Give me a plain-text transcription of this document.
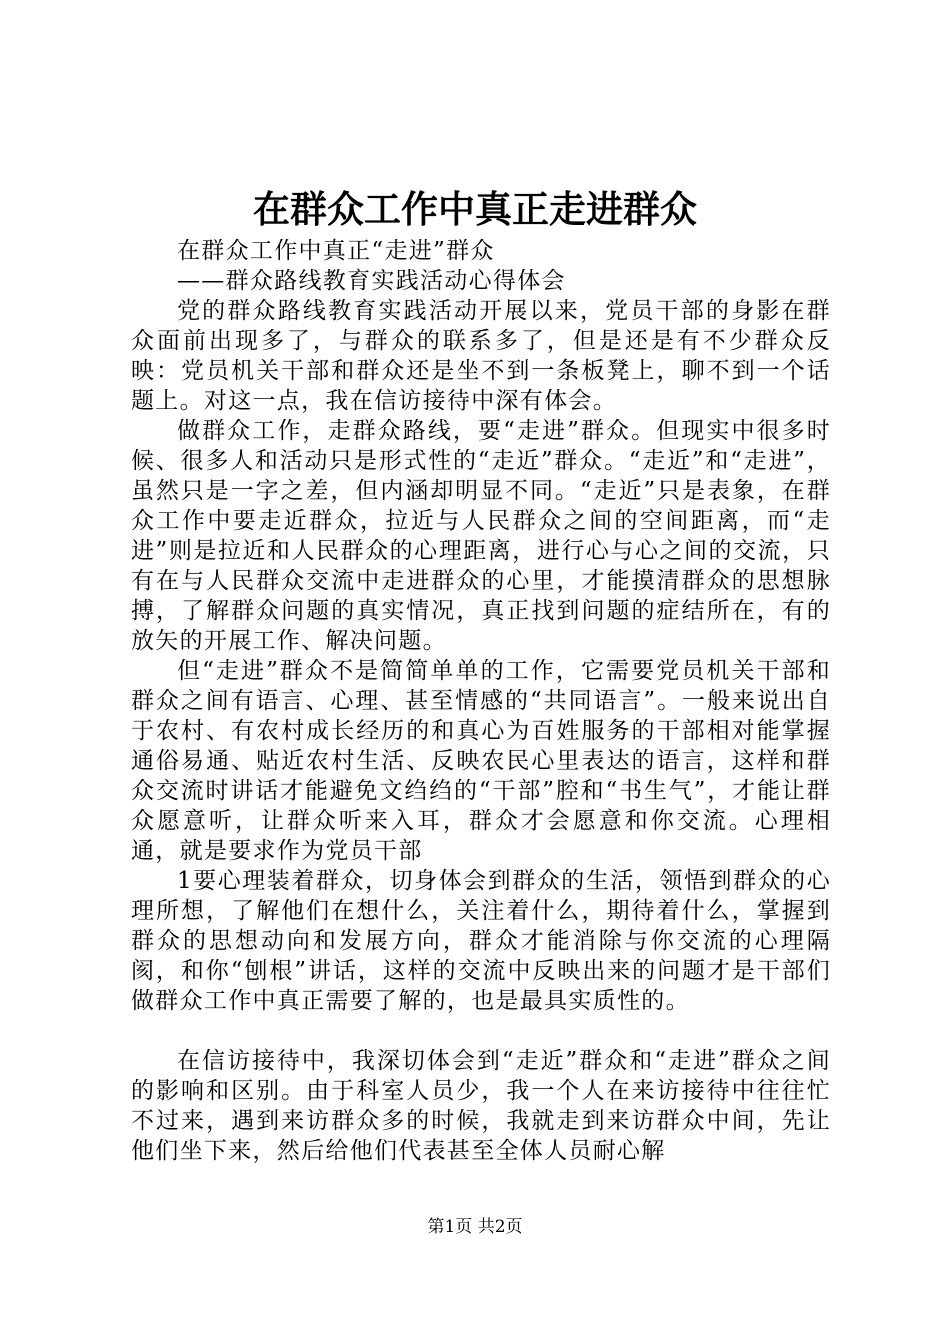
在群众工作中真正走进群众

在群众工作中真正“走进”群众

——群众路线教育实践活动心得体会

党的群众路线教育实践活动开展以来，党员干部的身影在群众面前出现多了，与群众的联系多了，但是还是有不少群众反映：党员机关干部和群众还是坐不到一条板凳上，聊不到一个话题上。对这一点，我在信访接待中深有体会。

做群众工作，走群众路线，要“走进”群众。但现实中很多时候、很多人和活动只是形式性的“走近”群众。“走近”和“走进”，虽然只是一字之差，但内涵却明显不同。“走近”只是表象，在群众工作中要走近群众，拉近与人民群众之间的空间距离，而“走进”则是拉近和人民群众的心理距离，进行心与心之间的交流，只有在与人民群众交流中走进群众的心里，才能摸清群众的思想脉搏，了解群众问题的真实情况，真正找到问题的症结所在，有的放矢的开展工作、解决问题。

但“走进”群众不是简简单单的工作，它需要党员机关干部和群众之间有语言、心理、甚至情感的“共同语言”。一般来说出自于农村、有农村成长经历的和真心为百姓服务的干部相对能掌握通俗易通、贴近农村生活、反映农民心里表达的语言，这样和群众交流时讲话才能避免文绉绉的“干部”腔和“书生气”，才能让群众愿意听，让群众听来入耳，群众才会愿意和你交流。心理相通，就是要求作为党员干部

1要心理装着群众，切身体会到群众的生活，领悟到群众的心理所想，了解他们在想什么，关注着什么，期待着什么，掌握到群众的思想动向和发展方向，群众才能消除与你交流的心理隔阂，和你“刨根”讲话，这样的交流中反映出来的问题才是干部们做群众工作中真正需要了解的，也是最具实质性的。

在信访接待中，我深切体会到“走近”群众和“走进”群众之间的影响和区别。由于科室人员少，我一个人在来访接待中往往忙不过来，遇到来访群众多的时候，我就走到来访群众中间，先让他们坐下来，然后给他们代表甚至全体人员耐心解

第1页 共2页
